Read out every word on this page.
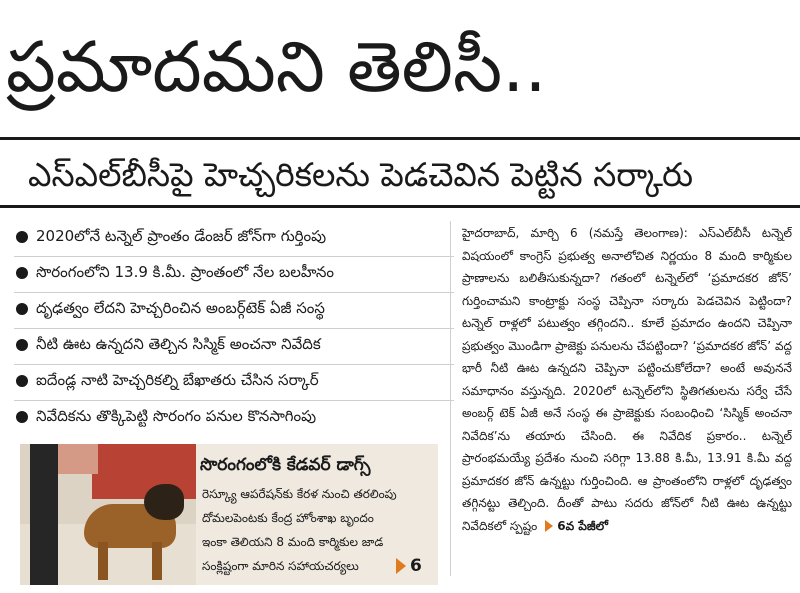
ప్రమాదమని తెలిసీ..
ఎస్‌ఎల్‌బీసీపై హెచ్చరికలను పెడచెవిన పెట్టిన సర్కారు
2020లోనే టన్నెల్ ప్రాంతం డేంజర్ జోన్‌గా గుర్తింపు
సొరంగంలోని 13.9 కి.మీ. ప్రాంతంలో నేల బలహీనం
దృఢత్వం లేదని హెచ్చరించిన అంబర్గ్‌టెక్ ఏజీ సంస్థ
నీటి ఊట ఉన్నదని తెల్చిన సిస్మిక్ అంచనా నివేదిక
ఐదేండ్ల నాటి హెచ్చరికల్ని బేఖాతరు చేసిన సర్కార్
నివేదికను తొక్కిపెట్టి సొరంగం పనుల కొనసాగింపు
సొరంగంలోకి కేడవర్ డాగ్స్
రెస్క్యూ ఆపరేషన్‌కు కేరళ నుంచి తరలింపు
దోమలపెంటకు కేంద్ర హోంశాఖ బృందం
ఇంకా తెలియని 8 మంది కార్మికుల జాడ
సంక్లిష్టంగా మారిన సహాయచర్యలు	6

హైదరాబాద్, మార్చి 6 (నమస్తే తెలంగాణ): ఎస్‌ఎల్‌బీసీ టన్నెల్ విషయంలో కాంగ్రెస్ ప్రభుత్వ అనాలోచిత నిర్ణయం 8 మంది కార్మికుల ప్రాణాలను బలితీసుకున్నదా? గతంలో టన్నెల్‌లో ‘ప్రమాదకర జోన్’ గుర్తించామని కాంట్రాక్టు సంస్థ చెప్పినా సర్కారు పెడచెవిన పెట్టిందా? టన్నెల్ రాళ్లలో పటుత్వం తగ్గిందని.. కూలే ప్రమాదం ఉందని చెప్పినా ప్రభుత్వం మొండిగా ప్రాజెక్టు పనులను చేపట్టిందా? ‘ప్రమాదకర జోన్’ వద్ద భారీ నీటి ఊట ఉన్నదని చెప్పినా పట్టించుకోలేదా? అంటే అవుననే సమాధానం వస్తున్నది. 2020లో టన్నెల్‌లోని స్థితిగతులను సర్వే చేసే అంబర్గ్ టెక్ ఏజీ అనే సంస్థ ఈ ప్రాజెక్టుకు సంబంధించి ‘సిస్మిక్ అంచనా నివేదిక’ను తయారు చేసింది. ఈ నివేదిక ప్రకారం.. టన్నెల్ ప్రారంభమయ్యే ప్రదేశం నుంచి సరిగ్గా 13.88 కి.మీ, 13.91 కి.మీ వద్ద ప్రమాదకర జోన్ ఉన్నట్టు గుర్తించింది. ఆ ప్రాంతంలోని రాళ్లలో దృఢత్వం తగ్గినట్టు తెల్చింది. దీంతో పాటు సదరు జోన్‌లో నీటి ఊట ఉన్నట్టు నివేదికలో స్పష్టం 6వ పేజీలో
